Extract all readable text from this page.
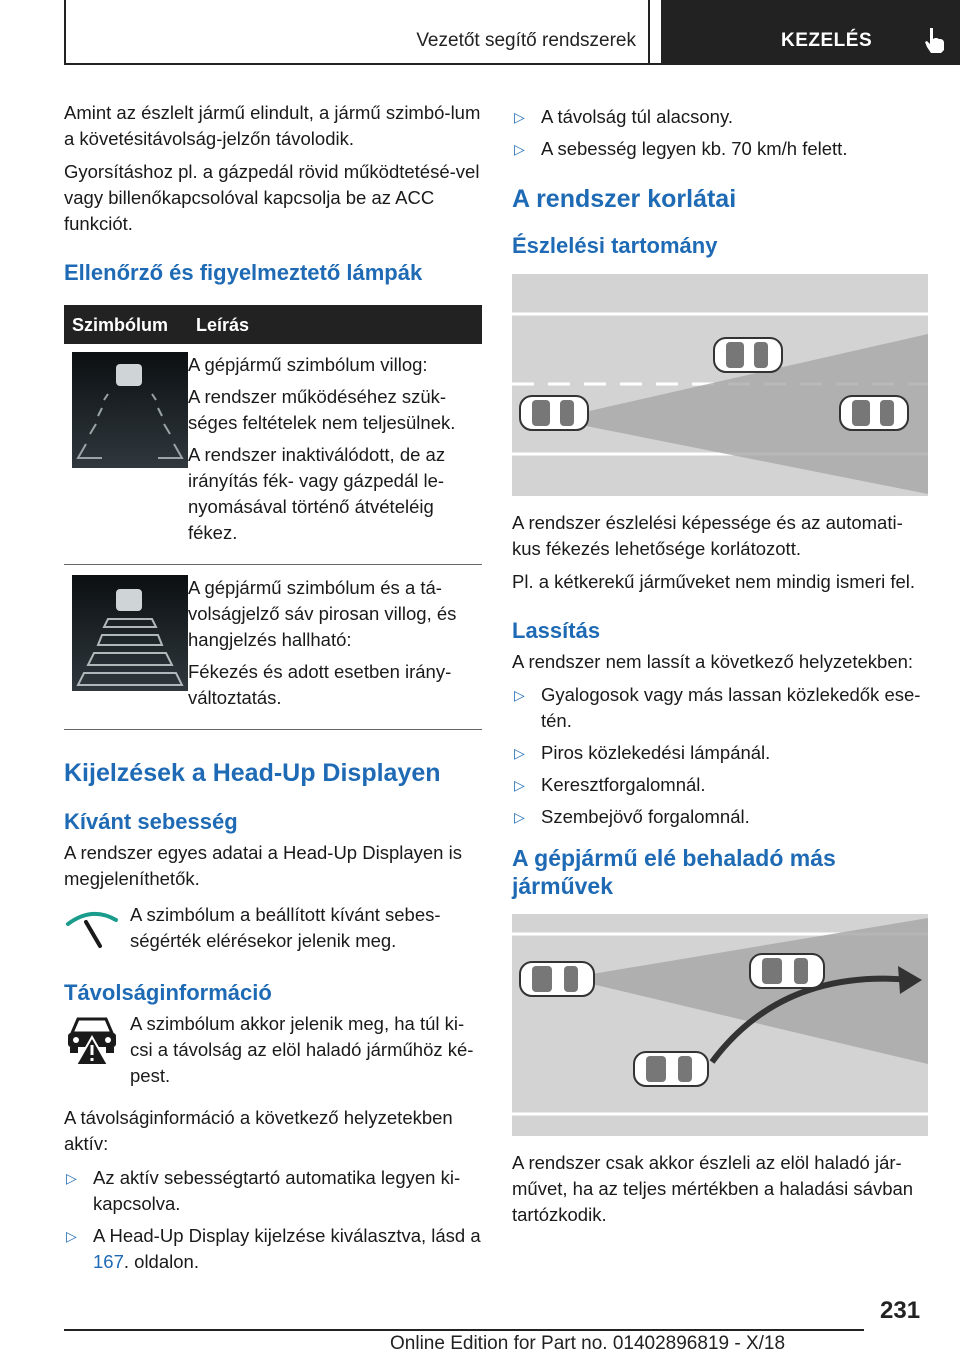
Vezetőt segítő rendszerek	KEZELÉS

Amint az észlelt jármű elindult, a jármű szimbó-lum a követésitávolság-jelzőn távolodik.

Gyorsításhoz pl. a gázpedál rövid működtetésé-vel vagy billenőkapcsolóval kapcsolja be az ACC funkciót.

Ellenőrző és figyelmeztető lámpák
Szimbólum Leírás

A gépjármű szimbólum villog:

A rendszer működéséhez szük-séges feltételek nem teljesülnek.

A rendszer inaktiválódott, de az irányítás fék- vagy gázpedál le-nyomásával történő átvételéig fékez.

A gépjármű szimbólum és a tá-volságjelző sáv pirosan villog, és hangjelzés hallható:

Fékezés és adott esetben irány-változtatás.

Kijelzések a Head-Up Displayen
Kívánt sebesség

A rendszer egyes adatai a Head-Up Displayen is megjeleníthetők.

A szimbólum a beállított kívánt sebes-ségérték elérésekor jelenik meg.
Távolságinformáció
A szimbólum akkor jelenik meg, ha túl ki-csi a távolság az elöl haladó járműhöz ké-pest.

A távolságinformáció a következő helyzetekben aktív:

▷ Az aktív sebességtartó automatika legyen ki-kapcsolva.
▷ A Head-Up Display kijelzése kiválasztva, lásd a 167. oldalon.
▷ A távolság túl alacsony.
▷ A sebesség legyen kb. 70 km/h felett.
A rendszer korlátai
Észlelési tartomány

A rendszer észlelési képessége és az automati-kus fékezés lehetősége korlátozott.

Pl. a kétkerekű járműveket nem mindig ismeri fel.

Lassítás

A rendszer nem lassít a következő helyzetekben:

▷ Gyalogosok vagy más lassan közlekedők ese-tén.
▷ Piros közlekedési lámpánál.
▷ Keresztforgalomnál.
▷ Szembejövő forgalomnál.
A gépjármű elé behaladó más járművek

A rendszer csak akkor észleli az elöl haladó jár-művet, ha az teljes mértékben a haladási sávban tartózkodik.

231
Online Edition for Part no. 01402896819 - X/18
